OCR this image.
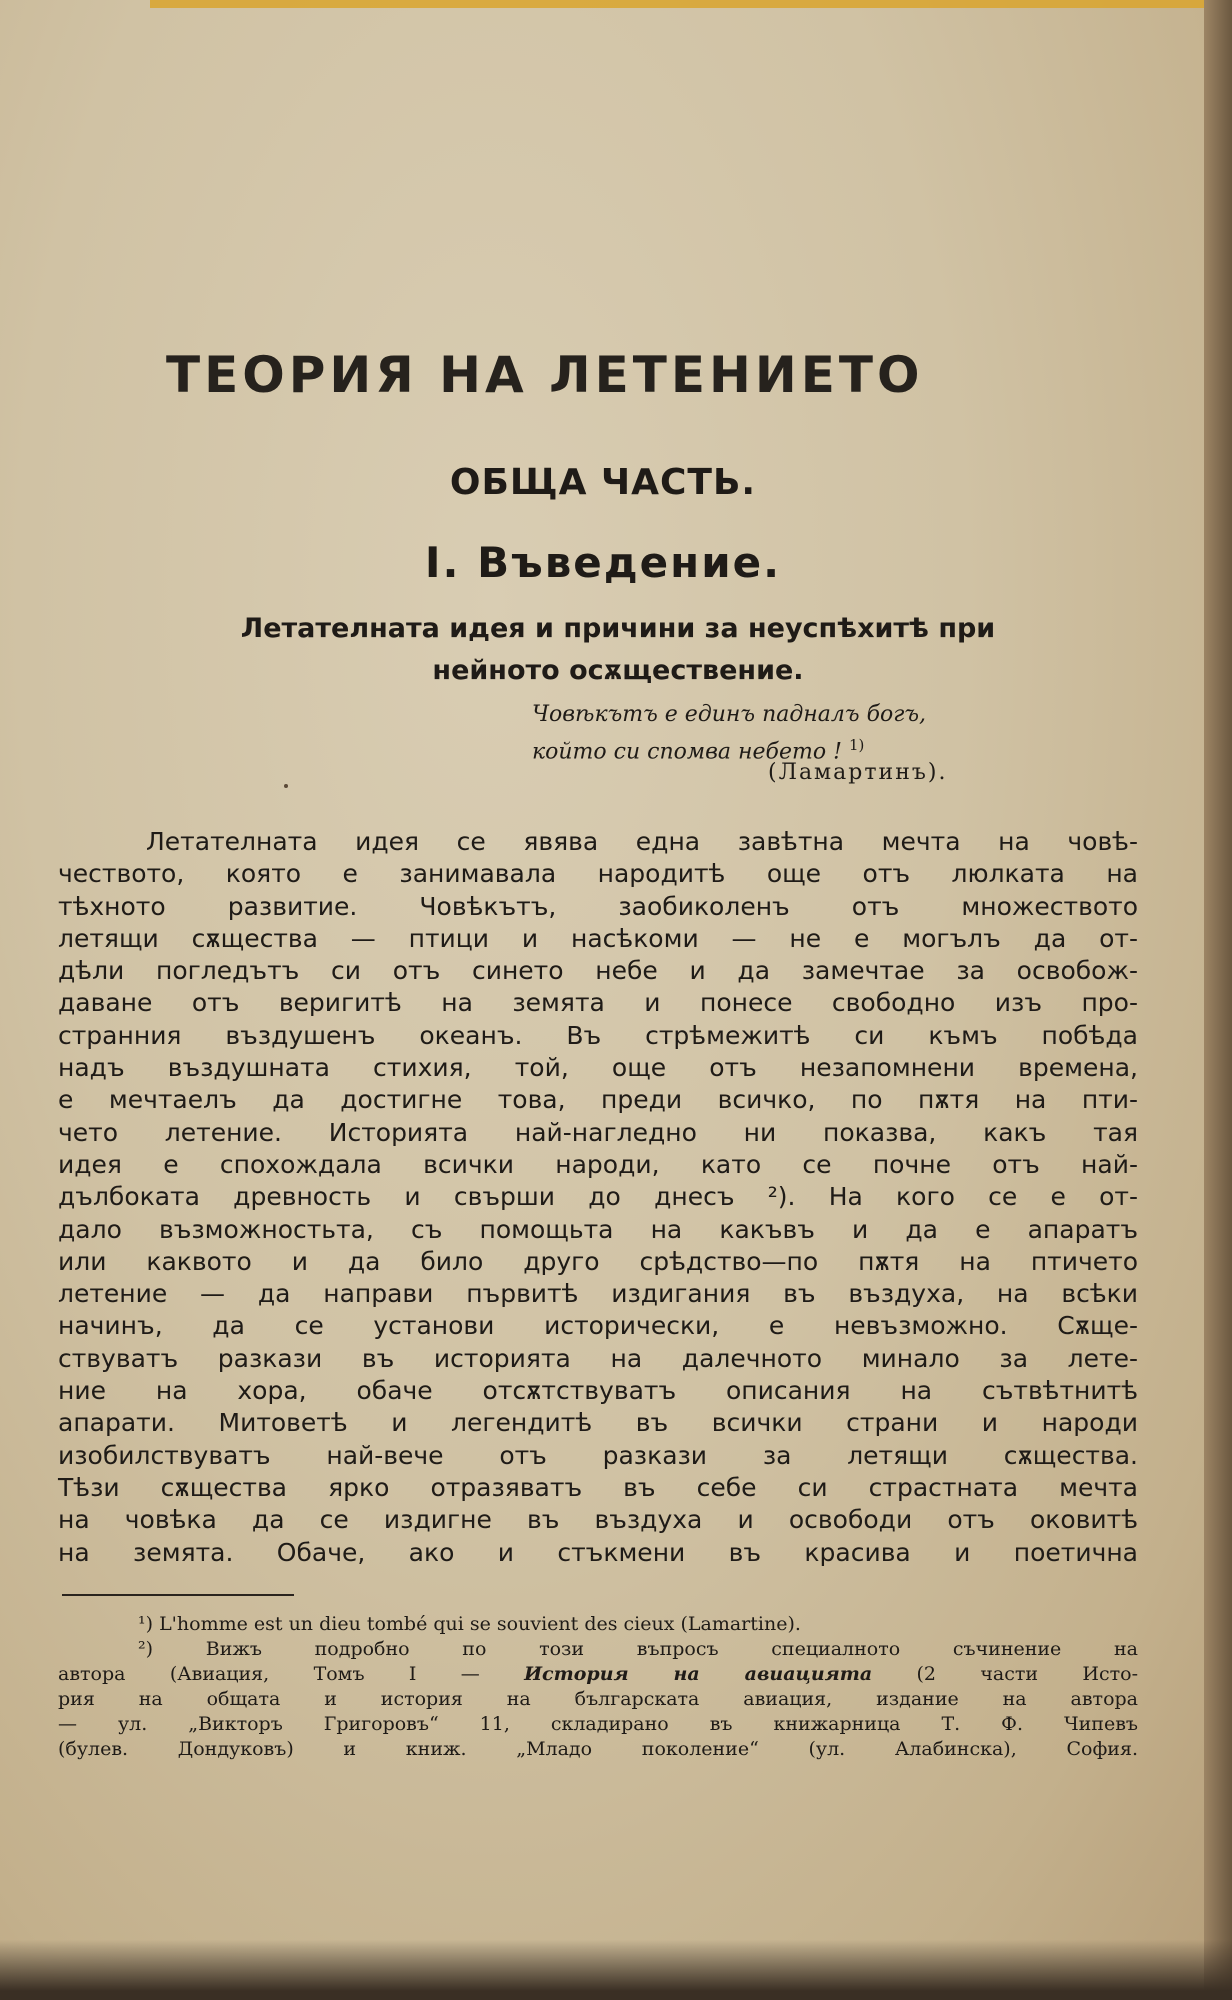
ТЕОРИЯ НА ЛЕТЕНИЕТО
ОБЩА ЧАСТЬ.
I. Въведение.
Летателната идея и причини за неуспѣхитѣ при
нейното осѫществение.
Човѣкътъ е единъ падналъ богъ,
който си спомва небето ! $^{1)}$
(Ламартинъ).
Летателната идея се явява една завѣтна мечта на човѣ-
чеството, която е занимавала народитѣ още отъ люлката на
тѣхното развитие. Човѣкътъ, заобиколенъ отъ множеството
летящи сѫщества — птици и насѣкоми — не е могълъ да от-
дѣли погледътъ си отъ синето небе и да замечтае за освобож-
даване отъ веригитѣ на земята и понесе свободно изъ про-
странния въздушенъ океанъ. Въ стрѣмежитѣ си къмъ побѣда
надъ въздушната стихия, той, още отъ незапомнени времена,
е мечтаелъ да достигне това, преди всичко, по пѫтя на пти-
чето летение. Историята най-нагледно ни показва, какъ тая
идея е спохождала всички народи, като се почне отъ най-
дълбоката древность и свърши до днесъ ²). На кого се е от-
дало възможностьта, съ помощьта на какъвъ и да е апаратъ
или каквото и да било друго срѣдство—по пѫтя на птичето
летение — да направи първитѣ издигания въ въздуха, на всѣки
начинъ, да се установи исторически, е невъзможно. Сѫще-
ствуватъ разкази въ историята на далечното минало за лете-
ние на хора, обаче отсѫтствуватъ описания на сътвѣтнитѣ
апарати. Митоветѣ и легендитѣ въ всички страни и народи
изобилствуватъ най-вече отъ разкази за летящи сѫщества.
Тѣзи сѫщества ярко отразяватъ въ себе си страстната мечта
на човѣка да се издигне въ въздуха и освободи отъ оковитѣ
на земята. Обаче, ако и стъкмени въ красива и поетична
¹) L'homme est un dieu tombé qui se souvient des cieux (Lamartine).
²) Вижъ подробно по този въпросъ специалното съчинение на
автора (Авиация, Томъ I — История на авиацията (2 части Исто-
рия на общата и история на българската авиация, издание на автора
— ул. „Викторъ Григоровъ“ 11, складирано въ книжарница Т. Ф. Чипевъ
(булев. Дондуковъ) и книж. „Младо поколение“ (ул. Алабинска), София.
